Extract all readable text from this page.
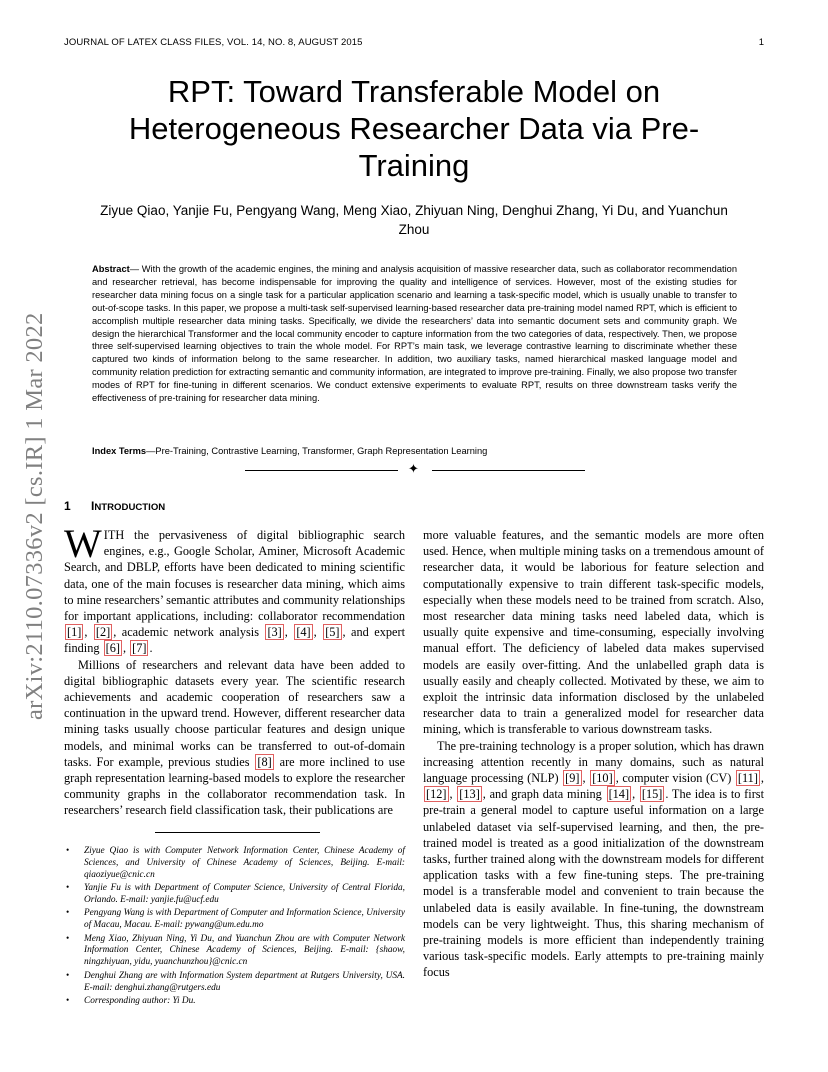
JOURNAL OF LATEX CLASS FILES, VOL. 14, NO. 8, AUGUST 2015	1
arXiv:2110.07336v2 [cs.IR] 1 Mar 2022
RPT: Toward Transferable Model on Heterogeneous Researcher Data via Pre-Training
Ziyue Qiao, Yanjie Fu, Pengyang Wang, Meng Xiao, Zhiyuan Ning, Denghui Zhang, Yi Du, and Yuanchun Zhou
Abstract— With the growth of the academic engines, the mining and analysis acquisition of massive researcher data, such as collaborator recommendation and researcher retrieval, has become indispensable for improving the quality and intelligence of services. However, most of the existing studies for researcher data mining focus on a single task for a particular application scenario and learning a task-specific model, which is usually unable to transfer to out-of-scope tasks. In this paper, we propose a multi-task self-supervised learning-based researcher data pre-training model named RPT, which is efficient to accomplish multiple researcher data mining tasks. Specifically, we divide the researchers’ data into semantic document sets and community graph. We design the hierarchical Transformer and the local community encoder to capture information from the two categories of data, respectively. Then, we propose three self-supervised learning objectives to train the whole model. For RPT’s main task, we leverage contrastive learning to discriminate whether these captured two kinds of information belong to the same researcher. In addition, two auxiliary tasks, named hierarchical masked language model and community relation prediction for extracting semantic and community information, are integrated to improve pre-training. Finally, we also propose two transfer modes of RPT for fine-tuning in different scenarios. We conduct extensive experiments to evaluate RPT, results on three downstream tasks verify the effectiveness of pre-training for researcher data mining.
Index Terms—Pre-Training, Contrastive Learning, Transformer, Graph Representation Learning
✦
1 INTRODUCTION

WITH the pervasiveness of digital bibliographic search engines, e.g., Google Scholar, Aminer, Microsoft Academic Search, and DBLP, efforts have been dedicated to mining scientific data, one of the main focuses is researcher data mining, which aims to mine researchers’ semantic attributes and community relationships for important applications, including: collaborator recommendation [1] , [2] , academic network analysis [3] , [4] , [5] , and expert finding [6] , [7] .

Millions of researchers and relevant data have been added to digital bibliographic datasets every year. The scientific research achievements and academic cooperation of researchers saw a continuation in the upward trend. However, different researcher data mining tasks usually choose particular features and design unique models, and minimal works can be transferred to out-of-domain tasks. For example, previous studies [8] are more inclined to use graph representation learning-based models to explore the researcher community graphs in the collaborator recommendation task. In researchers’ research field classification task, their publications are

more valuable features, and the semantic models are more often used. Hence, when multiple mining tasks on a tremendous amount of researcher data, it would be laborious for feature selection and computationally expensive to train different task-specific models, especially when these models need to be trained from scratch. Also, most researcher data mining tasks need labeled data, which is usually quite expensive and time-consuming, especially involving manual effort. The deficiency of labeled data makes supervised models are easily over-fitting. And the unlabelled graph data is usually easily and cheaply collected. Motivated by these, we aim to exploit the intrinsic data information disclosed by the unlabeled researcher data to train a generalized model for researcher data mining, which is transferable to various downstream tasks.

The pre-training technology is a proper solution, which has drawn increasing attention recently in many domains, such as natural language processing (NLP) [9] , [10] , computer vision (CV) [11] , [12] , [13] , and graph data mining [14] , [15] . The idea is to first pre-train a general model to capture useful information on a large unlabeled dataset via self-supervised learning, and then, the pre-trained model is treated as a good initialization of the downstream tasks, further trained along with the downstream models for different application tasks with a few fine-tuning steps. The pre-training model is a transferable model and convenient to train because the unlabeled data is easily available. In fine-tuning, the downstream models can be very lightweight. Thus, this sharing mechanism of pre-training models is more efficient than independently training various task-specific models. Early attempts to pre-training mainly focus

• Ziyue Qiao is with Computer Network Information Center, Chinese Academy of Sciences, and University of Chinese Academy of Sciences, Beijing. E-mail: qiaoziyue@cnic.cn
• Yanjie Fu is with Department of Computer Science, University of Central Florida, Orlando. E-mail: yanjie.fu@ucf.edu
• Pengyang Wang is with Department of Computer and Information Science, University of Macau, Macau. E-mail: pywang@um.edu.mo
• Meng Xiao, Zhiyuan Ning, Yi Du, and Yuanchun Zhou are with Computer Network Information Center, Chinese Academy of Sciences, Beijing. E-mail: {shaow, ningzhiyuan, yidu, yuanchunzhou}@cnic.cn
• Denghui Zhang are with Information System department at Rutgers University, USA. E-mail: denghui.zhang@rutgers.edu
• Corresponding author: Yi Du.
